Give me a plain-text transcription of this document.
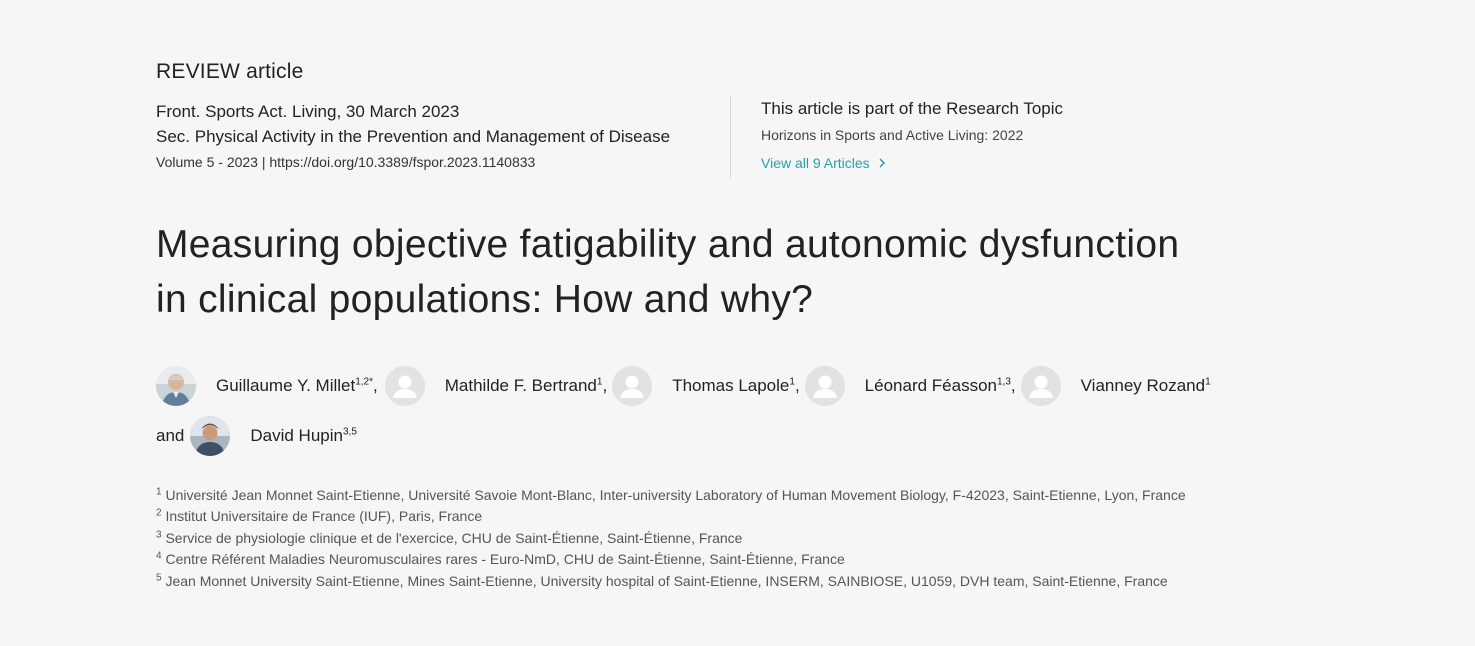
REVIEW article
Front. Sports Act. Living, 30 March 2023
Sec. Physical Activity in the Prevention and Management of Disease
Volume 5 - 2023 | https://doi.org/10.3389/fspor.2023.1140833
This article is part of the Research Topic
Horizons in Sports and Active Living: 2022
View all 9 Articles
Measuring objective fatigability and autonomic dysfunction
in clinical populations: How and why?
Guillaume Y. Millet$^{1,2*}$ ,	Mathilde F. Bertrand$^1$ ,	Thomas Lapole$^1$ ,	Léonard Féasson$^{1,3}$ ,	Vianney Rozand$^1$
and	David Hupin$^{3,5}$
$^1$ Université Jean Monnet Saint-Etienne, Université Savoie Mont-Blanc, Inter-university Laboratory of Human Movement Biology, F-42023, Saint-Etienne, Lyon, France
$^2$ Institut Universitaire de France (IUF), Paris, France
$^3$ Service de physiologie clinique et de l'exercice, CHU de Saint-Étienne, Saint-Étienne, France
$^4$ Centre Référent Maladies Neuromusculaires rares - Euro-NmD, CHU de Saint-Étienne, Saint-Étienne, France
$^5$ Jean Monnet University Saint-Etienne, Mines Saint-Etienne, University hospital of Saint-Etienne, INSERM, SAINBIOSE, U1059, DVH team, Saint-Etienne, France
